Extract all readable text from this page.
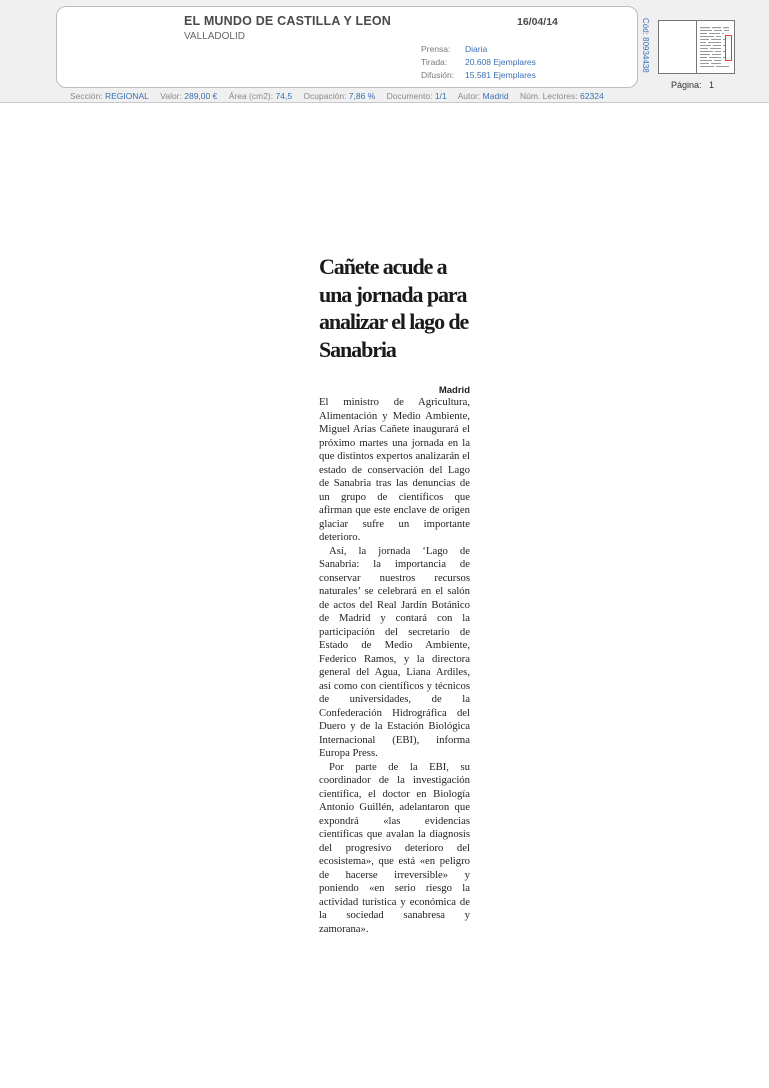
EL MUNDO DE CASTILLA Y LEON
VALLADOLID
16/04/14
Prensa:	Diaria
Tirada:	20.608 Ejemplares
Difusión:	15.581 Ejemplares
Cód: 80934438
Página: 1
Sección: REGIONAL Valor: 289,00 € Área (cm2): 74,5 Ocupación: 7,86 % Documento: 1/1 Autor: Madrid Núm. Lectores: 62324
Cañete acude a una jornada para analizar el lago de Sanabria
Madrid

El ministro de Agricultura, Alimentación y Medio Ambiente, Miguel Arias Cañete inaugurará el próximo martes una jornada en la que distintos expertos analizarán el estado de conservación del Lago de Sanabria tras las denuncias de un grupo de científicos que afirman que este enclave de origen glaciar sufre un importante deterioro.

Así, la jornada ‘Lago de Sanabria: la importancia de conservar nuestros recursos naturales’ se celebrará en el salón de actos del Real Jardín Botánico de Madrid y contará con la participación del secretario de Estado de Medio Ambiente, Federico Ramos, y la directora general del Agua, Liana Ardiles, así como con científicos y técnicos de universidades, de la Confederación Hidrográfica del Duero y de la Estación Biológica Internacional (EBI), informa Europa Press.

Por parte de la EBI, su coordinador de la investigación científica, el doctor en Biología Antonio Guillén, adelantaron que expondrá «las evidencias científicas que avalan la diagnosis del progresivo deterioro del ecosistema», que está «en peligro de hacerse irreversible» y poniendo «en serio riesgo la actividad turística y económica de la sociedad sanabresa y zamorana».
